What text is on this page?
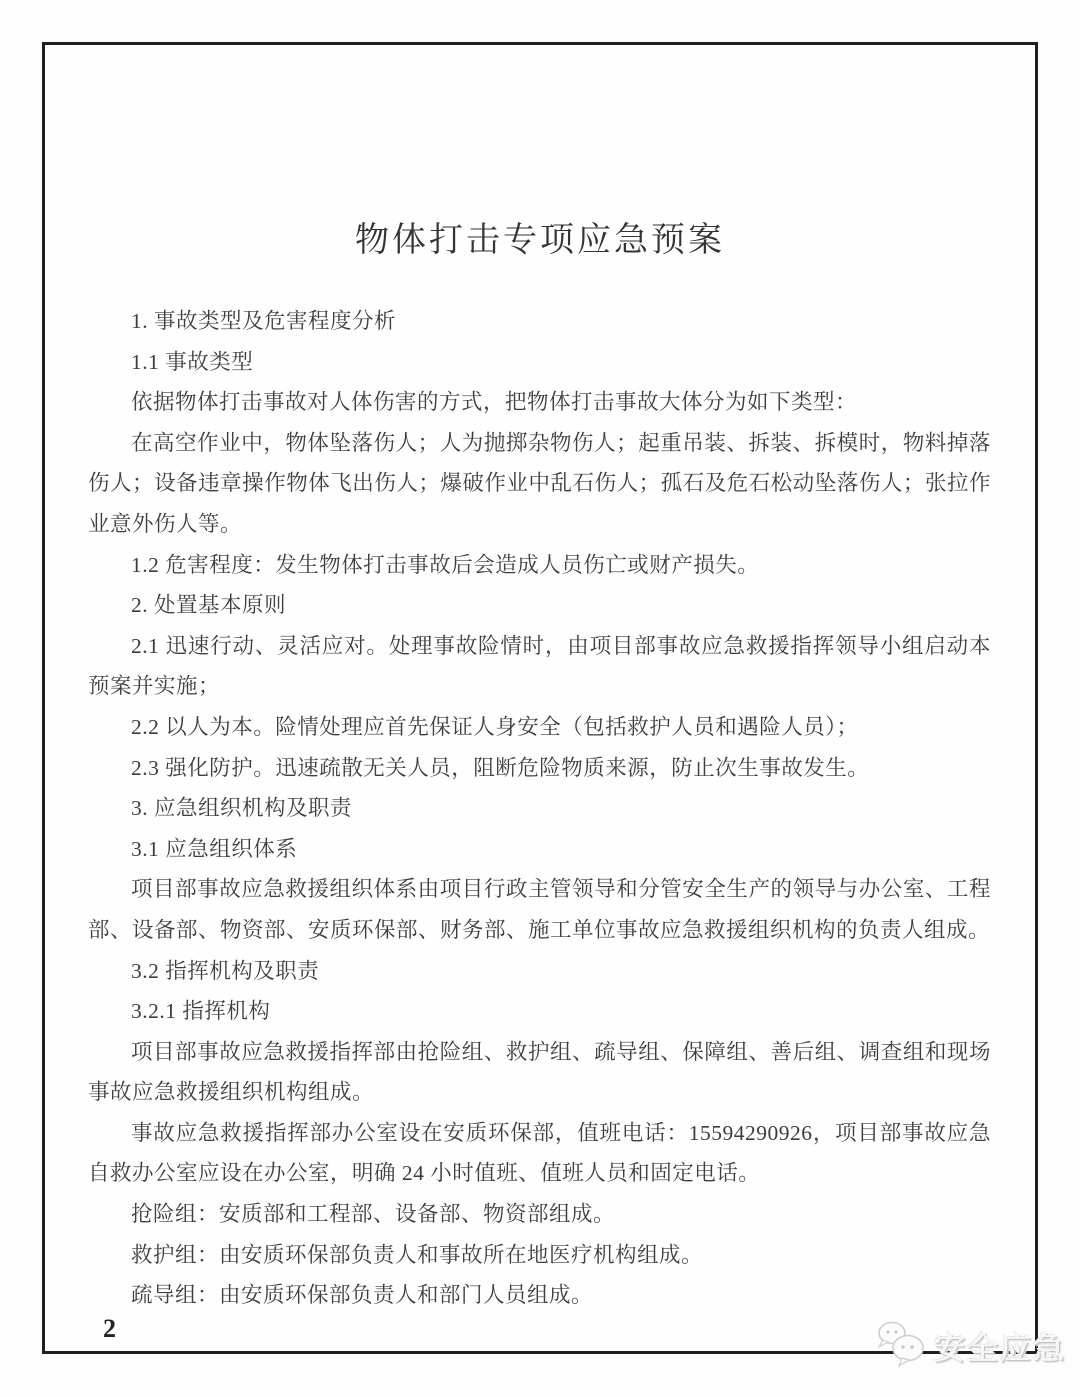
物体打击专项应急预案

1. 事故类型及危害程度分析

1.1 事故类型

依据物体打击事故对人体伤害的方式，把物体打击事故大体分为如下类型：

在高空作业中，物体坠落伤人；人为抛掷杂物伤人；起重吊装、拆装、拆模时，物料掉落伤人；设备违章操作物体飞出伤人；爆破作业中乱石伤人；孤石及危石松动坠落伤人；张拉作业意外伤人等。

1.2 危害程度：发生物体打击事故后会造成人员伤亡或财产损失。

2. 处置基本原则

2.1 迅速行动、灵活应对。处理事故险情时，由项目部事故应急救援指挥领导小组启动本预案并实施；

2.2 以人为本。险情处理应首先保证人身安全（包括救护人员和遇险人员）；

2.3 强化防护。迅速疏散无关人员，阻断危险物质来源，防止次生事故发生。

3. 应急组织机构及职责

3.1 应急组织体系

项目部事故应急救援组织体系由项目行政主管领导和分管安全生产的领导与办公室、工程部、设备部、物资部、安质环保部、财务部、施工单位事故应急救援组织机构的负责人组成。

3.2 指挥机构及职责

3.2.1 指挥机构

项目部事故应急救援指挥部由抢险组、救护组、疏导组、保障组、善后组、调查组和现场事故应急救援组织机构组成。

事故应急救援指挥部办公室设在安质环保部，值班电话：15594290926，项目部事故应急自救办公室应设在办公室，明确 24 小时值班、值班人员和固定电话。

抢险组：安质部和工程部、设备部、物资部组成。

救护组：由安质环保部负责人和事故所在地医疗机构组成。

疏导组：由安质环保部负责人和部门人员组成。

2
安全应急
